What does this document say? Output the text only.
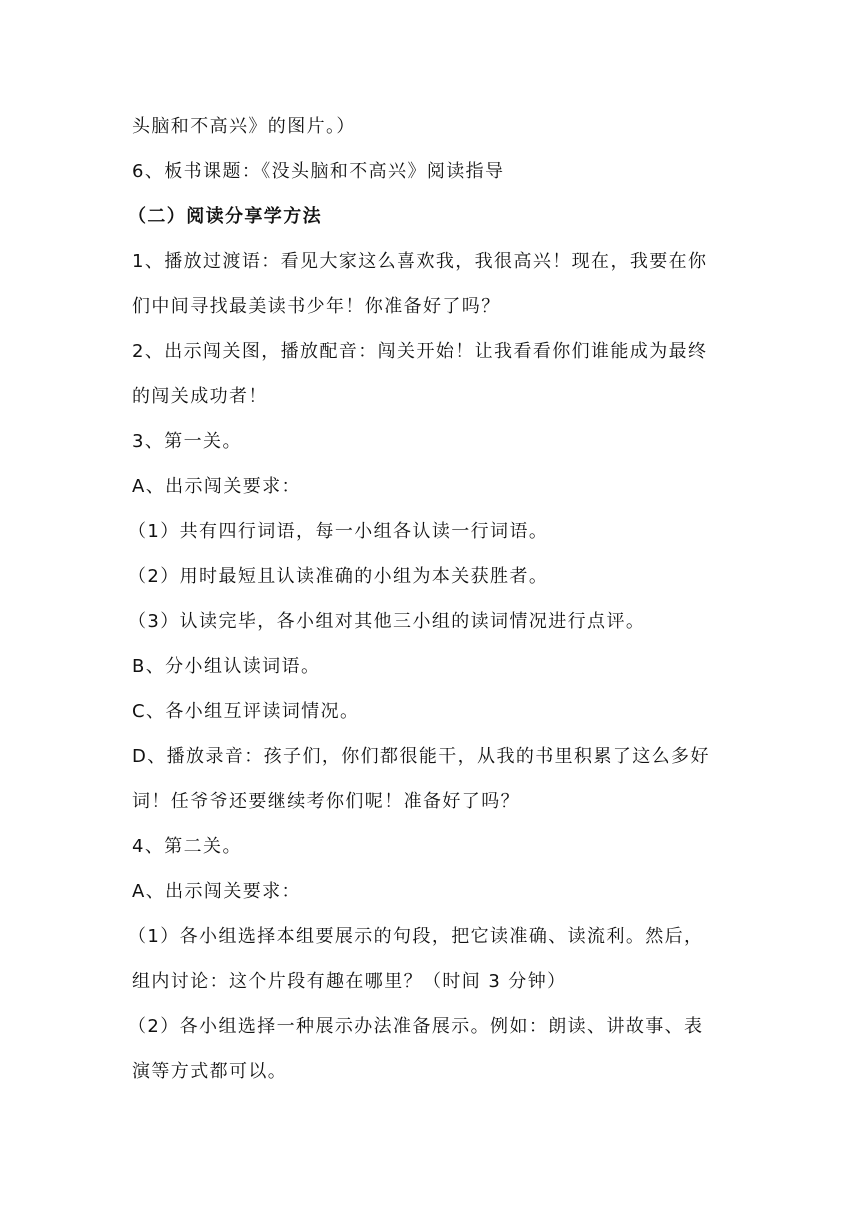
头脑和不高兴》的图片。）
6、板书课题：《没头脑和不高兴》阅读指导
（二）阅读分享学方法
1、播放过渡语：看见大家这么喜欢我，我很高兴！现在，我要在你
们中间寻找最美读书少年！你准备好了吗？
2、出示闯关图，播放配音：闯关开始！让我看看你们谁能成为最终
的闯关成功者！
3、第一关。
A、出示闯关要求：
（1）共有四行词语，每一小组各认读一行词语。
（2）用时最短且认读准确的小组为本关获胜者。
（3）认读完毕，各小组对其他三小组的读词情况进行点评。
B、分小组认读词语。
C、各小组互评读词情况。
D、播放录音：孩子们，你们都很能干，从我的书里积累了这么多好
词！任爷爷还要继续考你们呢！准备好了吗？
4、第二关。
A、出示闯关要求：
（1）各小组选择本组要展示的句段，把它读准确、读流利。然后，
组内讨论：这个片段有趣在哪里？（时间 3 分钟）
（2）各小组选择一种展示办法准备展示。例如：朗读、讲故事、表
演等方式都可以。
